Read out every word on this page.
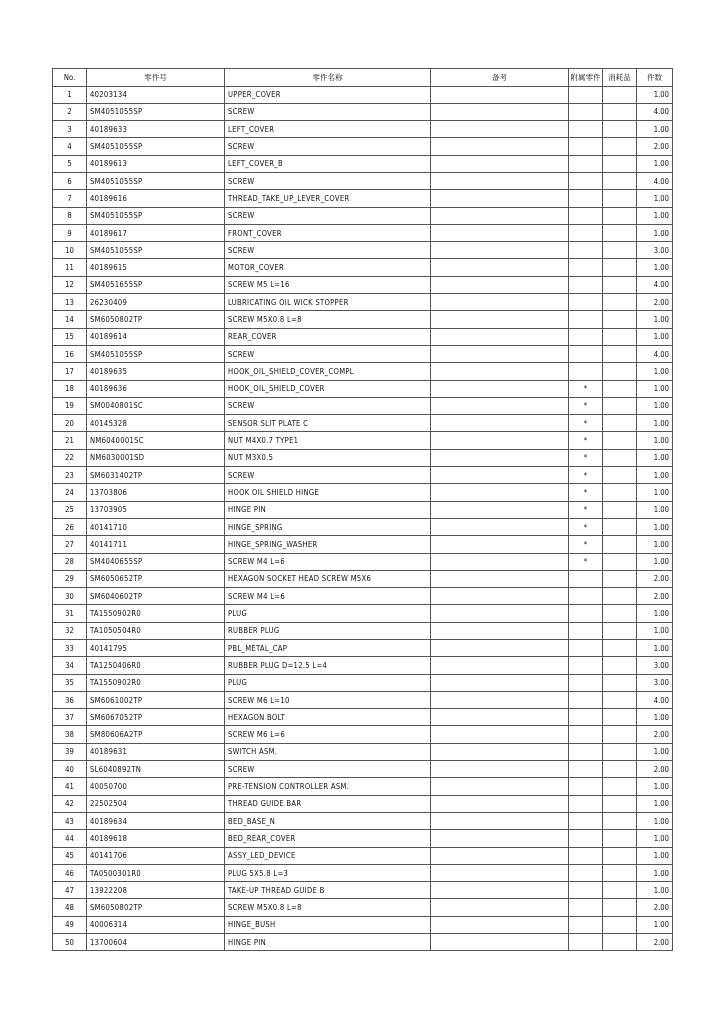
No.	零件号	零件名称	备考	附属零件	消耗品	件数
1	40203134	UPPER_COVER				1.00
2	SM4051055SP	SCREW				4.00
3	40189633	LEFT_COVER				1.00
4	SM4051055SP	SCREW				2.00
5	40189613	LEFT_COVER_B				1.00
6	SM4051055SP	SCREW				4.00
7	40189616	THREAD_TAKE_UP_LEVER_COVER				1.00
8	SM4051055SP	SCREW				1.00
9	40189617	FRONT_COVER				1.00
10	SM4051055SP	SCREW				3.00
11	40189615	MOTOR_COVER				1.00
12	SM4051655SP	SCREW M5 L=16				4.00
13	26230409	LUBRICATING OIL WICK STOPPER				2.00
14	SM6050802TP	SCREW M5X0.8 L=8				1.00
15	40189614	REAR_COVER				1.00
16	SM4051055SP	SCREW				4.00
17	40189635	HOOK_OIL_SHIELD_COVER_COMPL				1.00
18	40189636	HOOK_OIL_SHIELD_COVER		*		1.00
19	SM0040801SC	SCREW		*		1.00
20	40145328	SENSOR SLIT PLATE C		*		1.00
21	NM6040001SC	NUT M4X0.7 TYPE1		*		1.00
22	NM6030001SD	NUT M3X0.5		*		1.00
23	SM6031402TP	SCREW		*		1.00
24	13703806	HOOK OIL SHIELD HINGE		*		1.00
25	13703905	HINGE PIN		*		1.00
26	40141710	HINGE_SPRING		*		1.00
27	40141711	HINGE_SPRING_WASHER		*		1.00
28	SM4040655SP	SCREW M4 L=6		*		1.00
29	SM6050652TP	HEXAGON SOCKET HEAD SCREW M5X6				2.00
30	SM6040602TP	SCREW M4 L=6				2.00
31	TA1550902R0	PLUG				1.00
32	TA1050504R0	RUBBER PLUG				1.00
33	40141795	PBL_METAL_CAP				1.00
34	TA1250406R0	RUBBER PLUG D=12.5 L=4				3.00
35	TA1550902R0	PLUG				3.00
36	SM6061002TP	SCREW M6 L=10				4.00
37	SM6067052TP	HEXAGON BOLT				1.00
38	SM80606A2TP	SCREW M6 L=6				2.00
39	40189631	SWITCH ASM.				1.00
40	SL6040892TN	SCREW				2.00
41	40050700	PRE-TENSION CONTROLLER ASM.				1.00
42	22502504	THREAD GUIDE BAR				1.00
43	40189634	BED_BASE_N				1.00
44	40189618	BED_REAR_COVER				1.00
45	40141706	ASSY_LED_DEVICE				1.00
46	TA0500301R0	PLUG 5X5.8 L=3				1.00
47	13922208	TAKE-UP THREAD GUIDE B				1.00
48	SM6050802TP	SCREW M5X0.8 L=8				2.00
49	40006314	HINGE_BUSH				1.00
50	13700604	HINGE PIN				2.00
